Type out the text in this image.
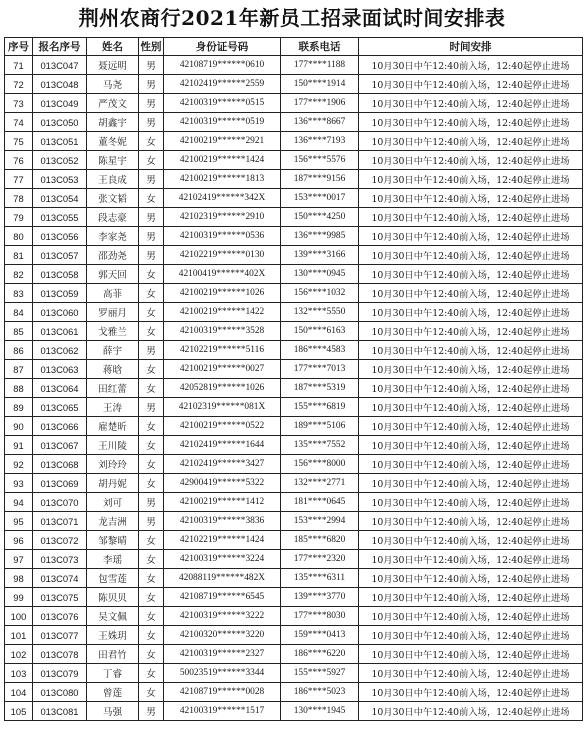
荆州农商行2021年新员工招录面试时间安排表
序号	报名序号	姓名	性别	身份证号码	联系电话	时间安排
71	013C047	聂远明	男	42108719******0610	177****1188	10月30日中午12:40前入场，12:40起停止进场
72	013C048	马尧	男	42102419******2559	150****1914	10月30日中午12:40前入场，12:40起停止进场
73	013C049	严茂文	男	42100319******0515	177****1906	10月30日中午12:40前入场，12:40起停止进场
74	013C050	胡鑫宇	男	42100319******0519	136****8667	10月30日中午12:40前入场，12:40起停止进场
75	013C051	董冬妮	女	42100219******2921	136****7193	10月30日中午12:40前入场，12:40起停止进场
76	013C052	陈星宇	女	42100219******1424	156****5576	10月30日中午12:40前入场，12:40起停止进场
77	013C053	王良成	男	42100219******1813	187****9156	10月30日中午12:40前入场，12:40起停止进场
78	013C054	张文韬	女	42102419******342X	153****0017	10月30日中午12:40前入场，12:40起停止进场
79	013C055	段志豪	男	42102319******2910	150****4250	10月30日中午12:40前入场，12:40起停止进场
80	013C056	李家尧	男	42100319******0536	136****9985	10月30日中午12:40前入场，12:40起停止进场
81	013C057	邵劲尧	男	42102219******0130	139****3166	10月30日中午12:40前入场，12:40起停止进场
82	013C058	郭天回	女	42100419******402X	130****0945	10月30日中午12:40前入场，12:40起停止进场
83	013C059	高菲	女	42100219******1026	156****1032	10月30日中午12:40前入场，12:40起停止进场
84	013C060	罗丽月	女	42100219******1422	132****5550	10月30日中午12:40前入场，12:40起停止进场
85	013C061	戈雅兰	女	42100319******3528	150****6163	10月30日中午12:40前入场，12:40起停止进场
86	013C062	薛宇	男	42102219******5116	186****4583	10月30日中午12:40前入场，12:40起停止进场
87	013C063	蒋晗	女	42100219******0027	177****7013	10月30日中午12:40前入场，12:40起停止进场
88	013C064	田红蕾	女	42052819******1026	187****5319	10月30日中午12:40前入场，12:40起停止进场
89	013C065	王涛	男	42102319******081X	155****6819	10月30日中午12:40前入场，12:40起停止进场
90	013C066	雇楚昕	女	42100219******0522	189****5106	10月30日中午12:40前入场，12:40起停止进场
91	013C067	王川陵	女	42102419******1644	135****7552	10月30日中午12:40前入场，12:40起停止进场
92	013C068	刘玲玲	女	42102419******3427	156****8000	10月30日中午12:40前入场，12:40起停止进场
93	013C069	胡丹妮	女	42900419******5322	132****2771	10月30日中午12:40前入场，12:40起停止进场
94	013C070	刘可	男	42100219******1412	181****0645	10月30日中午12:40前入场，12:40起停止进场
95	013C071	龙吉洲	男	42100319******3836	153****2994	10月30日中午12:40前入场，12:40起停止进场
96	013C072	邹黎晴	女	42102219******1424	185****6820	10月30日中午12:40前入场，12:40起停止进场
97	013C073	李瑶	女	42100319******3224	177****2320	10月30日中午12:40前入场，12:40起停止进场
98	013C074	包雪莲	女	42088119******482X	135****6311	10月30日中午12:40前入场，12:40起停止进场
99	013C075	陈贝贝	女	42108719******6545	139****3770	10月30日中午12:40前入场，12:40起停止进场
100	013C076	吴文佩	女	42100319******3222	177****8030	10月30日中午12:40前入场，12:40起停止进场
101	013C077	王姝玥	女	42100320******3220	159****0413	10月30日中午12:40前入场，12:40起停止进场
102	013C078	田君竹	女	42100319******2327	186****6220	10月30日中午12:40前入场，12:40起停止进场
103	013C079	丁睿	女	50023519******3344	155****5927	10月30日中午12:40前入场，12:40起停止进场
104	013C080	曾莲	女	42108719******0028	186****5023	10月30日中午12:40前入场，12:40起停止进场
105	013C081	马强	男	42100319******1517	130****1945	10月30日中午12:40前入场，12:40起停止进场
